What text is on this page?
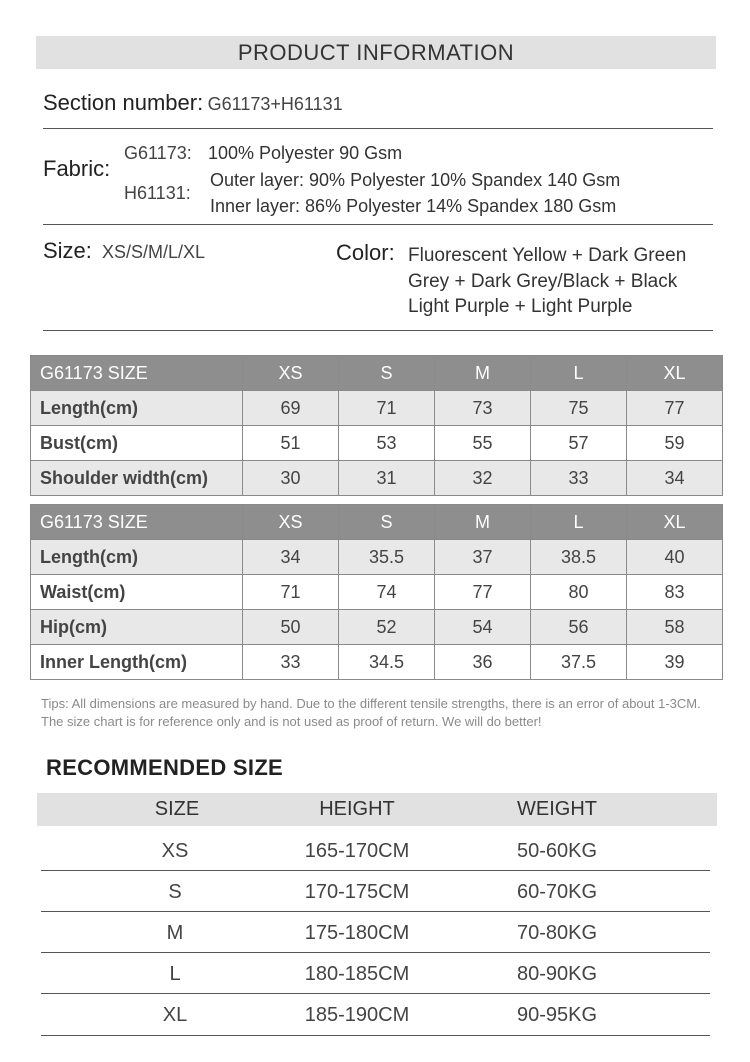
PRODUCT INFORMATION
Section number: G61173+H61131
Fabric:
G61173: 100% Polyester 90 Gsm
H61131:
Outer layer: 90% Polyester 10% Spandex 140 Gsm
Inner layer: 86% Polyester 14% Spandex 180 Gsm
Size: XS/S/M/L/XL	Color: Fluorescent Yellow + Dark Green
Grey + Dark Grey/Black + Black
Light Purple + Light Purple
G61173 SIZE	XS	S	M	L	XL
Length(cm)	69	71	73	75	77
Bust(cm)	51	53	55	57	59
Shoulder width(cm)	30	31	32	33	34
G61173 SIZE	XS	S	M	L	XL
Length(cm)	34	35.5	37	38.5	40
Waist(cm)	71	74	77	80	83
Hip(cm)	50	52	54	56	58
Inner Length(cm)	33	34.5	36	37.5	39
Tips: All dimensions are measured by hand. Due to the different tensile strengths, there is an error of about 1-3CM. The size chart is for reference only and is not used as proof of return. We will do better!
RECOMMENDED SIZE
SIZE	HEIGHT	WEIGHT
XS	165-170CM	50-60KG
S	170-175CM	60-70KG
M	175-180CM	70-80KG
L	180-185CM	80-90KG
XL	185-190CM	90-95KG
